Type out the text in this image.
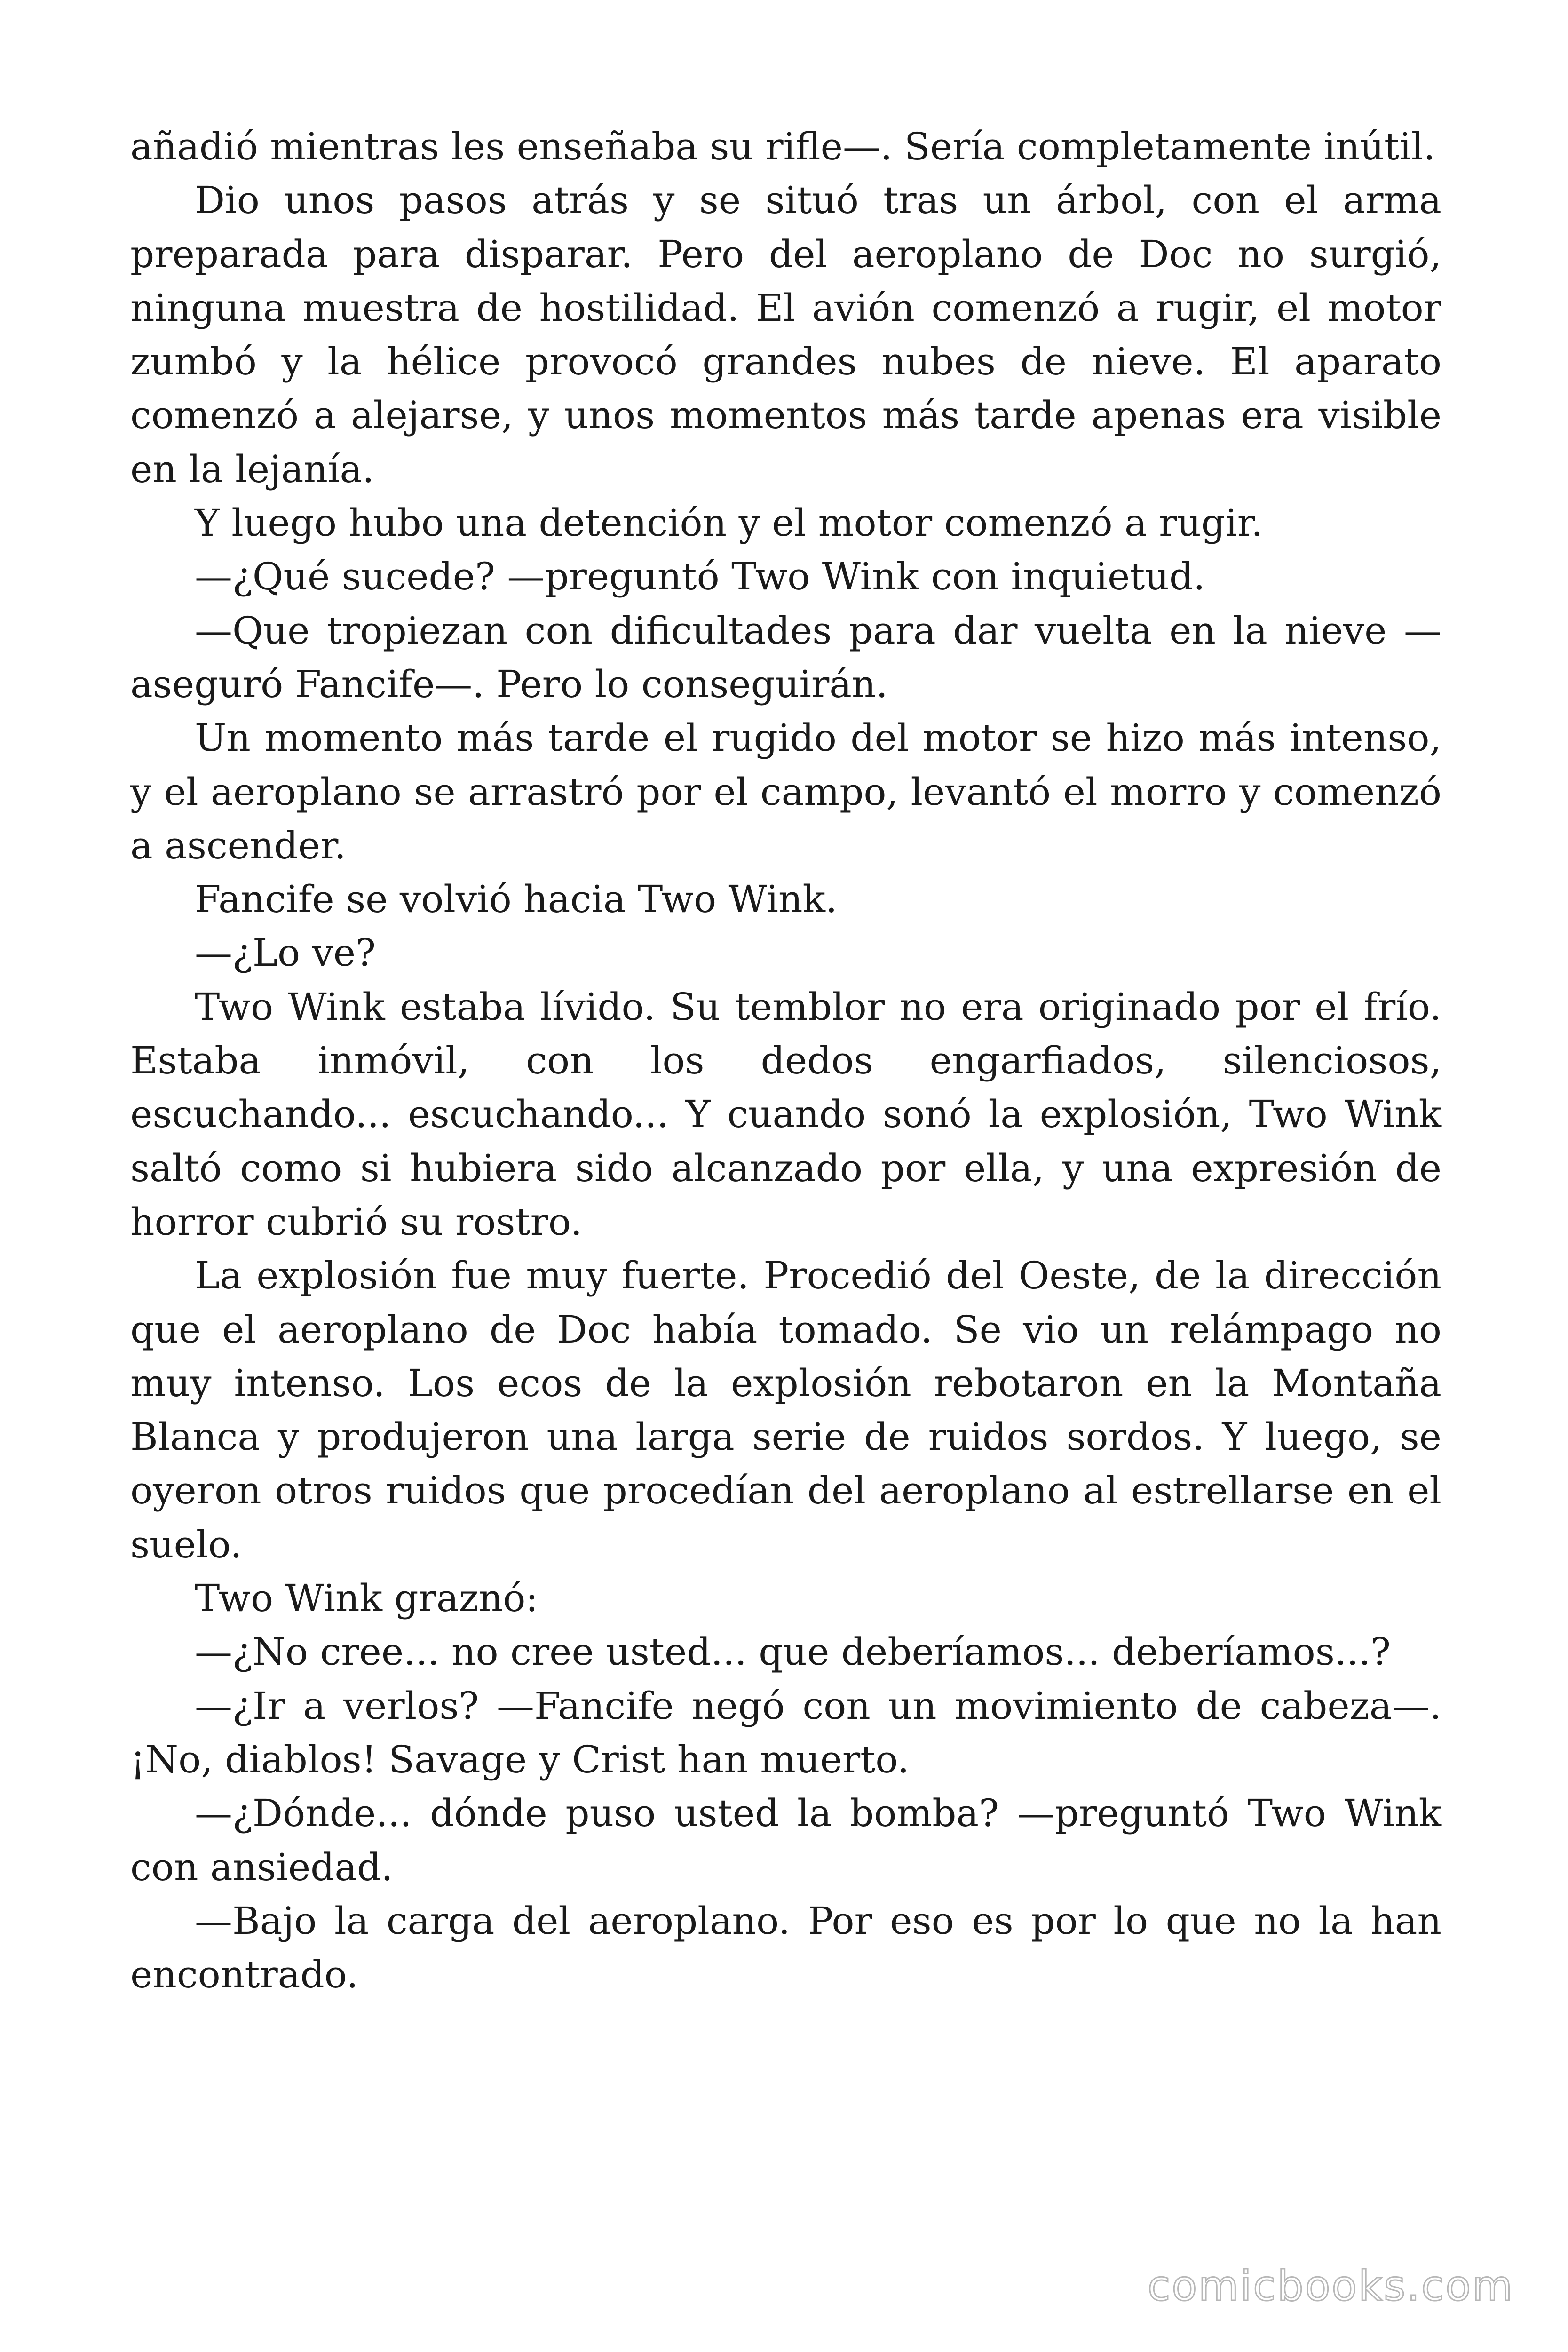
añadió mientras les enseñaba su rifle—. Sería completamente inútil.
Dio unos pasos atrás y se situó tras un árbol, con el arma
preparada para disparar. Pero del aeroplano de Doc no surgió,
ninguna muestra de hostilidad. El avión comenzó a rugir, el motor
zumbó y la hélice provocó grandes nubes de nieve. El aparato
comenzó a alejarse, y unos momentos más tarde apenas era visible
en la lejanía.
Y luego hubo una detención y el motor comenzó a rugir.
—¿Qué sucede? —preguntó Two Wink con inquietud.
—Que tropiezan con dificultades para dar vuelta en la nieve —
aseguró Fancife—. Pero lo conseguirán.
Un momento más tarde el rugido del motor se hizo más intenso,
y el aeroplano se arrastró por el campo, levantó el morro y comenzó
a ascender.
Fancife se volvió hacia Two Wink.
—¿Lo ve?
Two Wink estaba lívido. Su temblor no era originado por el frío.
Estaba inmóvil, con los dedos engarfiados, silenciosos,
escuchando... escuchando... Y cuando sonó la explosión, Two Wink
saltó como si hubiera sido alcanzado por ella, y una expresión de
horror cubrió su rostro.
La explosión fue muy fuerte. Procedió del Oeste, de la dirección
que el aeroplano de Doc había tomado. Se vio un relámpago no
muy intenso. Los ecos de la explosión rebotaron en la Montaña
Blanca y produjeron una larga serie de ruidos sordos. Y luego, se
oyeron otros ruidos que procedían del aeroplano al estrellarse en el
suelo.
Two Wink graznó:
—¿No cree... no cree usted... que deberíamos... deberíamos...?
—¿Ir a verlos? —Fancife negó con un movimiento de cabeza—.
¡No, diablos! Savage y Crist han muerto.
—¿Dónde... dónde puso usted la bomba? —preguntó Two Wink
con ansiedad.
—Bajo la carga del aeroplano. Por eso es por lo que no la han
encontrado.
comicbooks.com
